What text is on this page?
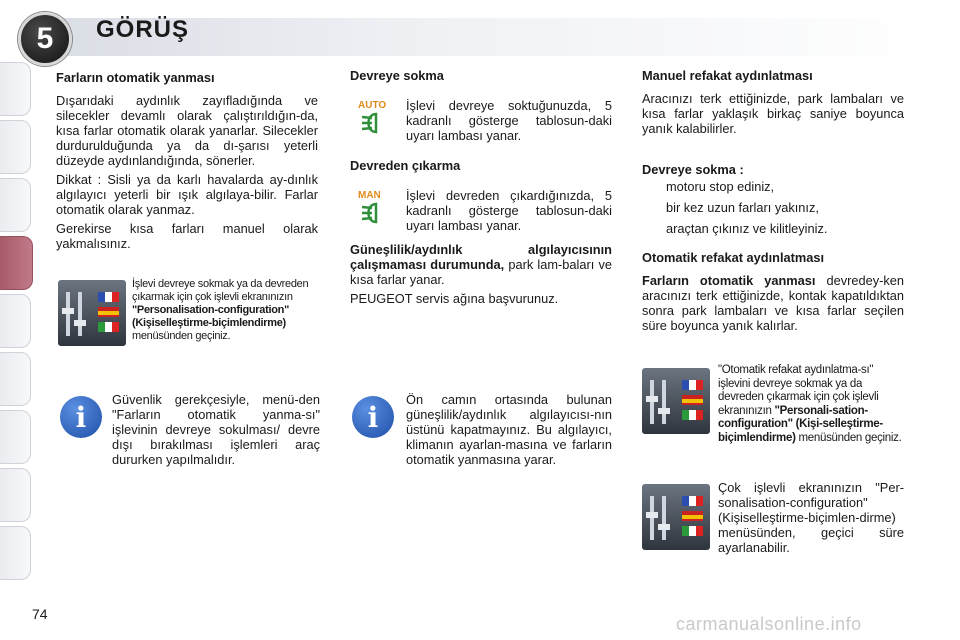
5	GÖRÜŞ
Farların otomatik yanması

Dışarıdaki aydınlık zayıfladığında ve silecekler devamlı olarak çalıştırıldığın-da, kısa farlar otomatik olarak yanarlar. Silecekler durdurulduğunda ya da dı-şarısı yeterli düzeyde aydınlandığında, sönerler.

Dikkat : Sisli ya da karlı havalarda ay-dınlık algılayıcı yeterli bir ışık algılaya-bilir. Farlar otomatik olarak yanmaz.

Gerekirse kısa farları manuel olarak yakmalısınız.

İşlevi devreye sokmak ya da devreden çıkarmak için çok işlevli ekranınızın "Personalisation-configuration" (Kişiselleştirme-biçimlendirme) menüsünden geçiniz.
i

Güvenlik gerekçesiyle, menü-den "Farların otomatik yanma-sı" işlevinin devreye sokulması/ devre dışı bırakılması işlemleri araç dururken yapılmalıdır.

Devreye sokma
AUTO İşlevi devreye soktuğunuzda, 5 kadranlı gösterge tablosun-daki uyarı lambası yanar.

Devreden çıkarma
MAN İşlevi devreden çıkardığınızda, 5 kadranlı gösterge tablosun-daki uyarı lambası yanar.

Güneşlilik/aydınlık algılayıcısının çalışmaması durumunda, park lam-baları ve kısa farlar yanar.

PEUGEOT servis ağına başvurunuz.

i

Ön camın ortasında bulunan güneşlilik/aydınlık algılayıcısı-nın üstünü kapatmayınız. Bu algılayıcı, klimanın ayarlan-masına ve farların otomatik yanmasına yarar.

Manuel refakat aydınlatması

Aracınızı terk ettiğinizde, park lambaları ve kısa farlar yaklaşık birkaç saniye boyunca yanık kalabilirler.

Devreye sokma :
motoru stop ediniz,
bir kez uzun farları yakınız,
araçtan çıkınız ve kilitleyiniz.
Otomatik refakat aydınlatması

Farların otomatik yanması devredey-ken aracınızı terk ettiğinizde, kontak kapatıldıktan sonra park lambaları ve kısa farlar seçilen süre boyunca yanık kalırlar.

"Otomatik refakat aydınlatma-sı" işlevini devreye sokmak ya da devreden çıkarmak için çok işlevli ekranınızın "Personali-sation-configuration" (Kişi-selleştirme-biçimlendirme) menüsünden geçiniz.

Çok işlevli ekranınızın "Per-sonalisation-configuration" (Kişiselleştirme-biçimlen-dirme) menüsünden, geçici süre ayarlanabilir.

74	carmanualsonline.info
